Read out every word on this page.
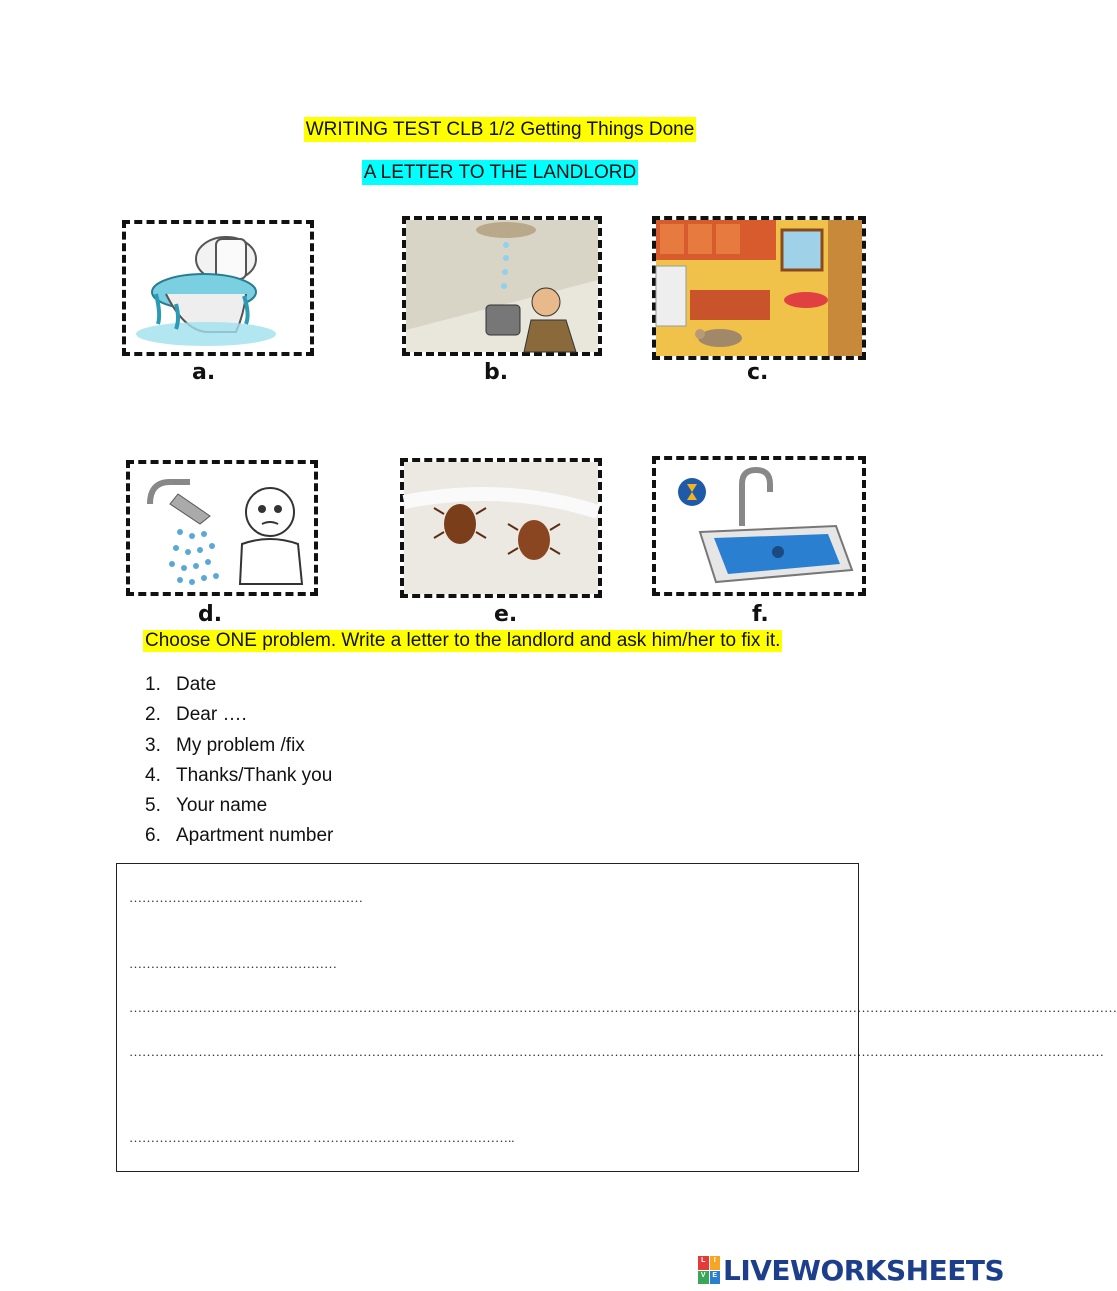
WRITING TEST CLB 1/2 Getting Things Done
A LETTER TO THE LANDLORD
a.	b.	c.
d.	e.	f.
Choose ONE problem. Write a letter to the landlord and ask him/her to fix it.
1. Date
2. Dear ….
3. My problem /fix
4. Thanks/Thank you
5. Your name
6. Apartment number
………………………………………………
…………………………………………
…………………………………………………………………………………………………………………………………………………………………………………………………………
………………………………………………………………………………………………………………………………………………………………………………………………………
…………………………………… ………………………………………..
L	I
V E LIVEWORKSHEETS
